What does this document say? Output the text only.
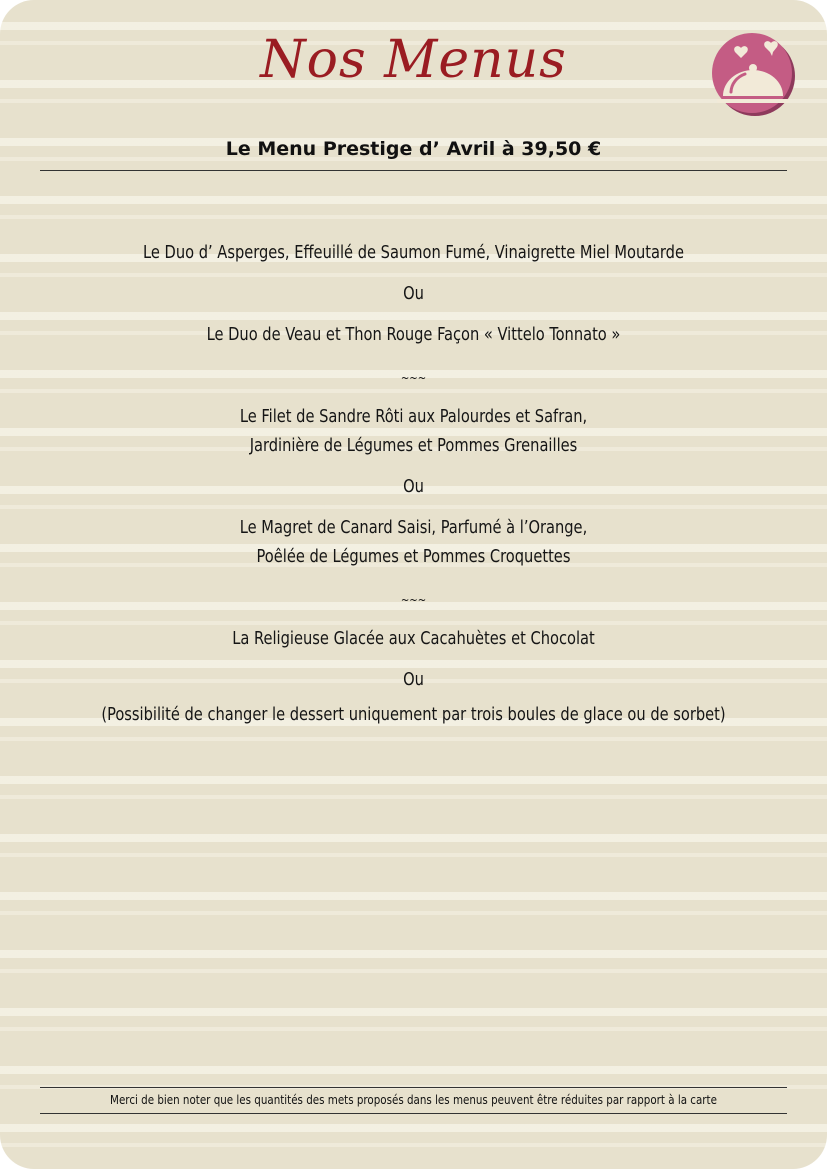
Nos Menus
Le Menu Prestige d’ Avril à 39,50 €
Le Duo d’ Asperges, Effeuillé de Saumon Fumé, Vinaigrette Miel Moutarde
Ou
Le Duo de Veau et Thon Rouge Façon « Vittelo Tonnato »
~~~
Le Filet de Sandre Rôti aux Palourdes et Safran,
Jardinière de Légumes et Pommes Grenailles
Ou
Le Magret de Canard Saisi, Parfumé à l’Orange,
Poêlée de Légumes et Pommes Croquettes
~~~
La Religieuse Glacée aux Cacahuètes et Chocolat
Ou
(Possibilité de changer le dessert uniquement par trois boules de glace ou de sorbet)
Merci de bien noter que les quantités des mets proposés dans les menus peuvent être réduites par rapport à la carte
